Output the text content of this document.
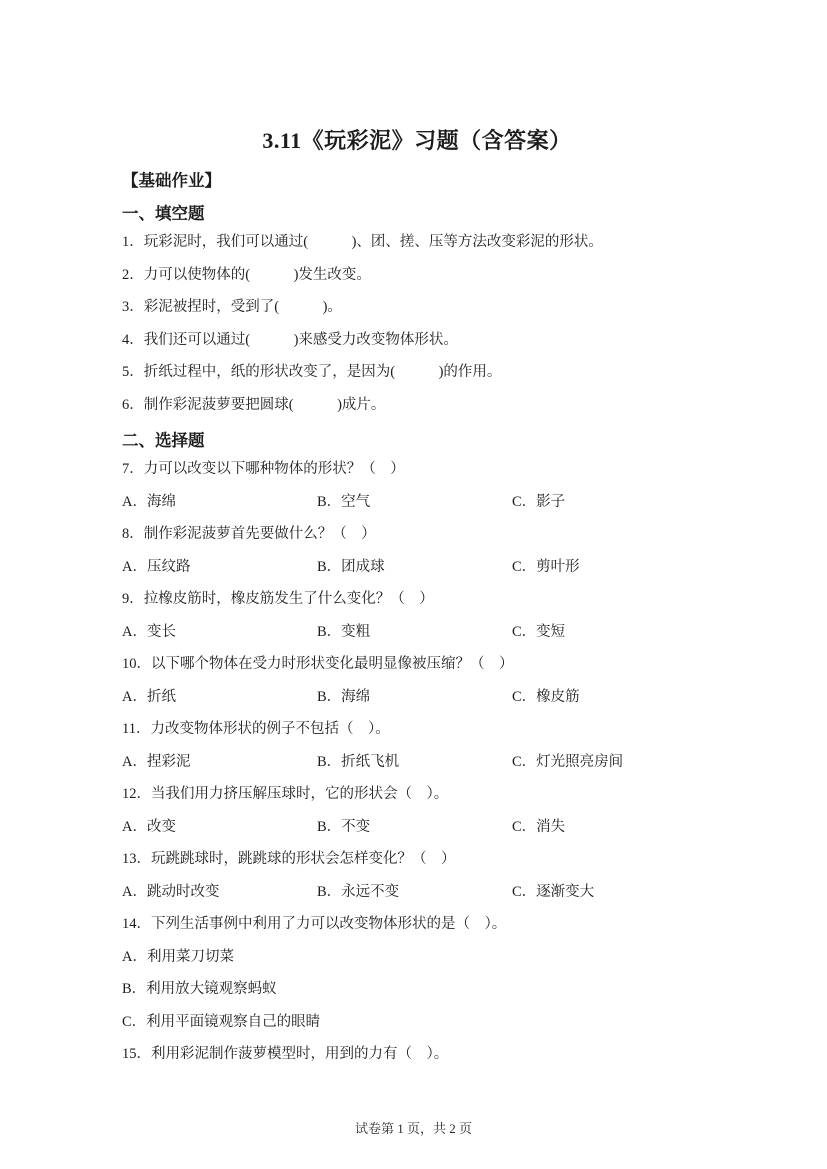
3.11《玩彩泥》习题（含答案）
【基础作业】
一、填空题

1．玩彩泥时，我们可以通过(　　　)、团、搓、压等方法改变彩泥的形状。

2．力可以使物体的(　　　)发生改变。

3．彩泥被捏时，受到了(　　　)。

4．我们还可以通过(　　　)来感受力改变物体形状。

5．折纸过程中，纸的形状改变了，是因为(　　　)的作用。

6．制作彩泥菠萝要把圆球(　　　)成片。

二、选择题

7．力可以改变以下哪种物体的形状？（　）

A．海绵	B．空气	C．影子

8．制作彩泥菠萝首先要做什么？（　）

A．压纹路	B．团成球	C．剪叶形

9．拉橡皮筋时，橡皮筋发生了什么变化？（　）

A．变长	B．变粗	C．变短

10．以下哪个物体在受力时形状变化最明显像被压缩？（　）

A．折纸	B．海绵	C．橡皮筋

11．力改变物体形状的例子不包括（　）。

A．捏彩泥	B．折纸飞机	C．灯光照亮房间

12．当我们用力挤压解压球时，它的形状会（　）。

A．改变	B．不变	C．消失

13．玩跳跳球时，跳跳球的形状会怎样变化？（　）

A．跳动时改变	B．永远不变	C．逐渐变大

14．下列生活事例中利用了力可以改变物体形状的是（　）。

A．利用菜刀切菜

B．利用放大镜观察蚂蚁

C．利用平面镜观察自己的眼睛

15．利用彩泥制作菠萝模型时，用到的力有（　）。

试卷第 1 页，共 2 页
